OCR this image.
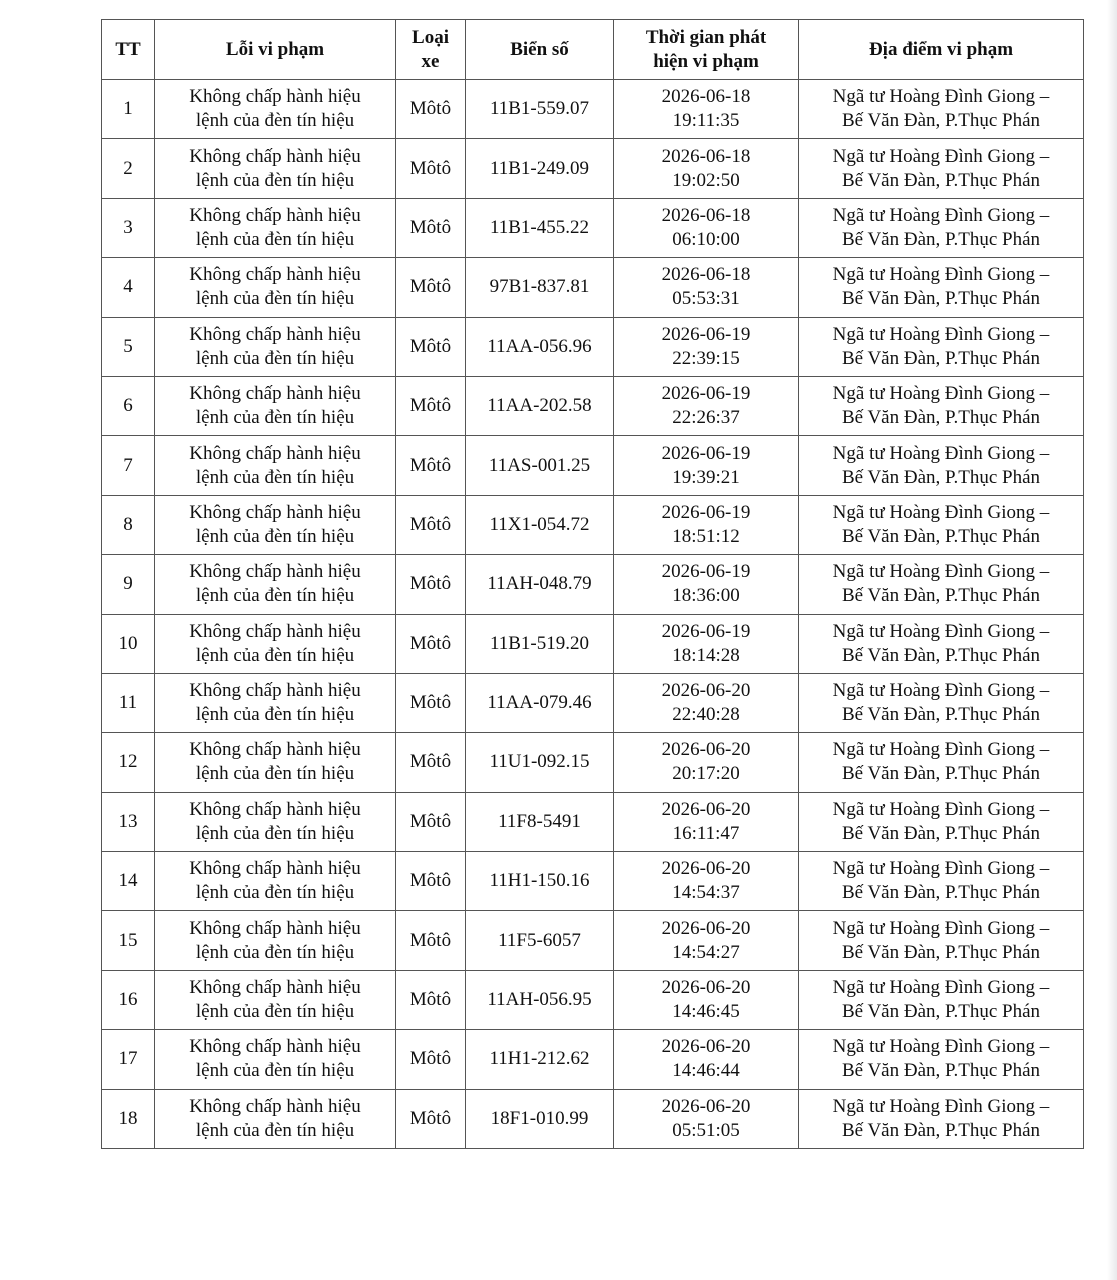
TT	Lỗi vi phạm	Loại
xe	Biển số	Thời gian phát
hiện vi phạm	Địa điểm vi phạm
1	Không chấp hành hiệu
lệnh của đèn tín hiệu	Môtô	11B1-559.07	2026-06-18
19:11:35	Ngã tư Hoàng Đình Giong –
Bế Văn Đàn, P.Thục Phán

2	Không chấp hành hiệu
lệnh của đèn tín hiệu	Môtô	11B1-249.09	2026-06-18
19:02:50	Ngã tư Hoàng Đình Giong –
Bế Văn Đàn, P.Thục Phán

3	Không chấp hành hiệu
lệnh của đèn tín hiệu	Môtô	11B1-455.22	2026-06-18
06:10:00	Ngã tư Hoàng Đình Giong –
Bế Văn Đàn, P.Thục Phán

4	Không chấp hành hiệu
lệnh của đèn tín hiệu	Môtô	97B1-837.81	2026-06-18
05:53:31	Ngã tư Hoàng Đình Giong –
Bế Văn Đàn, P.Thục Phán

5	Không chấp hành hiệu
lệnh của đèn tín hiệu	Môtô	11AA-056.96	2026-06-19
22:39:15	Ngã tư Hoàng Đình Giong –
Bế Văn Đàn, P.Thục Phán

6	Không chấp hành hiệu
lệnh của đèn tín hiệu	Môtô	11AA-202.58	2026-06-19
22:26:37	Ngã tư Hoàng Đình Giong –
Bế Văn Đàn, P.Thục Phán

7	Không chấp hành hiệu
lệnh của đèn tín hiệu	Môtô	11AS-001.25	2026-06-19
19:39:21	Ngã tư Hoàng Đình Giong –
Bế Văn Đàn, P.Thục Phán

8	Không chấp hành hiệu
lệnh của đèn tín hiệu	Môtô	11X1-054.72	2026-06-19
18:51:12	Ngã tư Hoàng Đình Giong –
Bế Văn Đàn, P.Thục Phán

9	Không chấp hành hiệu
lệnh của đèn tín hiệu	Môtô	11AH-048.79	2026-06-19
18:36:00	Ngã tư Hoàng Đình Giong –
Bế Văn Đàn, P.Thục Phán

10	Không chấp hành hiệu
lệnh của đèn tín hiệu	Môtô	11B1-519.20	2026-06-19
18:14:28	Ngã tư Hoàng Đình Giong –
Bế Văn Đàn, P.Thục Phán

11	Không chấp hành hiệu
lệnh của đèn tín hiệu	Môtô	11AA-079.46	2026-06-20
22:40:28	Ngã tư Hoàng Đình Giong –
Bế Văn Đàn, P.Thục Phán

12	Không chấp hành hiệu
lệnh của đèn tín hiệu	Môtô	11U1-092.15	2026-06-20
20:17:20	Ngã tư Hoàng Đình Giong –
Bế Văn Đàn, P.Thục Phán

13	Không chấp hành hiệu
lệnh của đèn tín hiệu	Môtô	11F8-5491	2026-06-20
16:11:47	Ngã tư Hoàng Đình Giong –
Bế Văn Đàn, P.Thục Phán

14	Không chấp hành hiệu
lệnh của đèn tín hiệu	Môtô	11H1-150.16	2026-06-20
14:54:37	Ngã tư Hoàng Đình Giong –
Bế Văn Đàn, P.Thục Phán

15	Không chấp hành hiệu
lệnh của đèn tín hiệu	Môtô	11F5-6057	2026-06-20
14:54:27	Ngã tư Hoàng Đình Giong –
Bế Văn Đàn, P.Thục Phán

16	Không chấp hành hiệu
lệnh của đèn tín hiệu	Môtô	11AH-056.95	2026-06-20
14:46:45	Ngã tư Hoàng Đình Giong –
Bế Văn Đàn, P.Thục Phán

17	Không chấp hành hiệu
lệnh của đèn tín hiệu	Môtô	11H1-212.62	2026-06-20
14:46:44	Ngã tư Hoàng Đình Giong –
Bế Văn Đàn, P.Thục Phán

18	Không chấp hành hiệu
lệnh của đèn tín hiệu	Môtô	18F1-010.99	2026-06-20
05:51:05	Ngã tư Hoàng Đình Giong –
Bế Văn Đàn, P.Thục Phán
